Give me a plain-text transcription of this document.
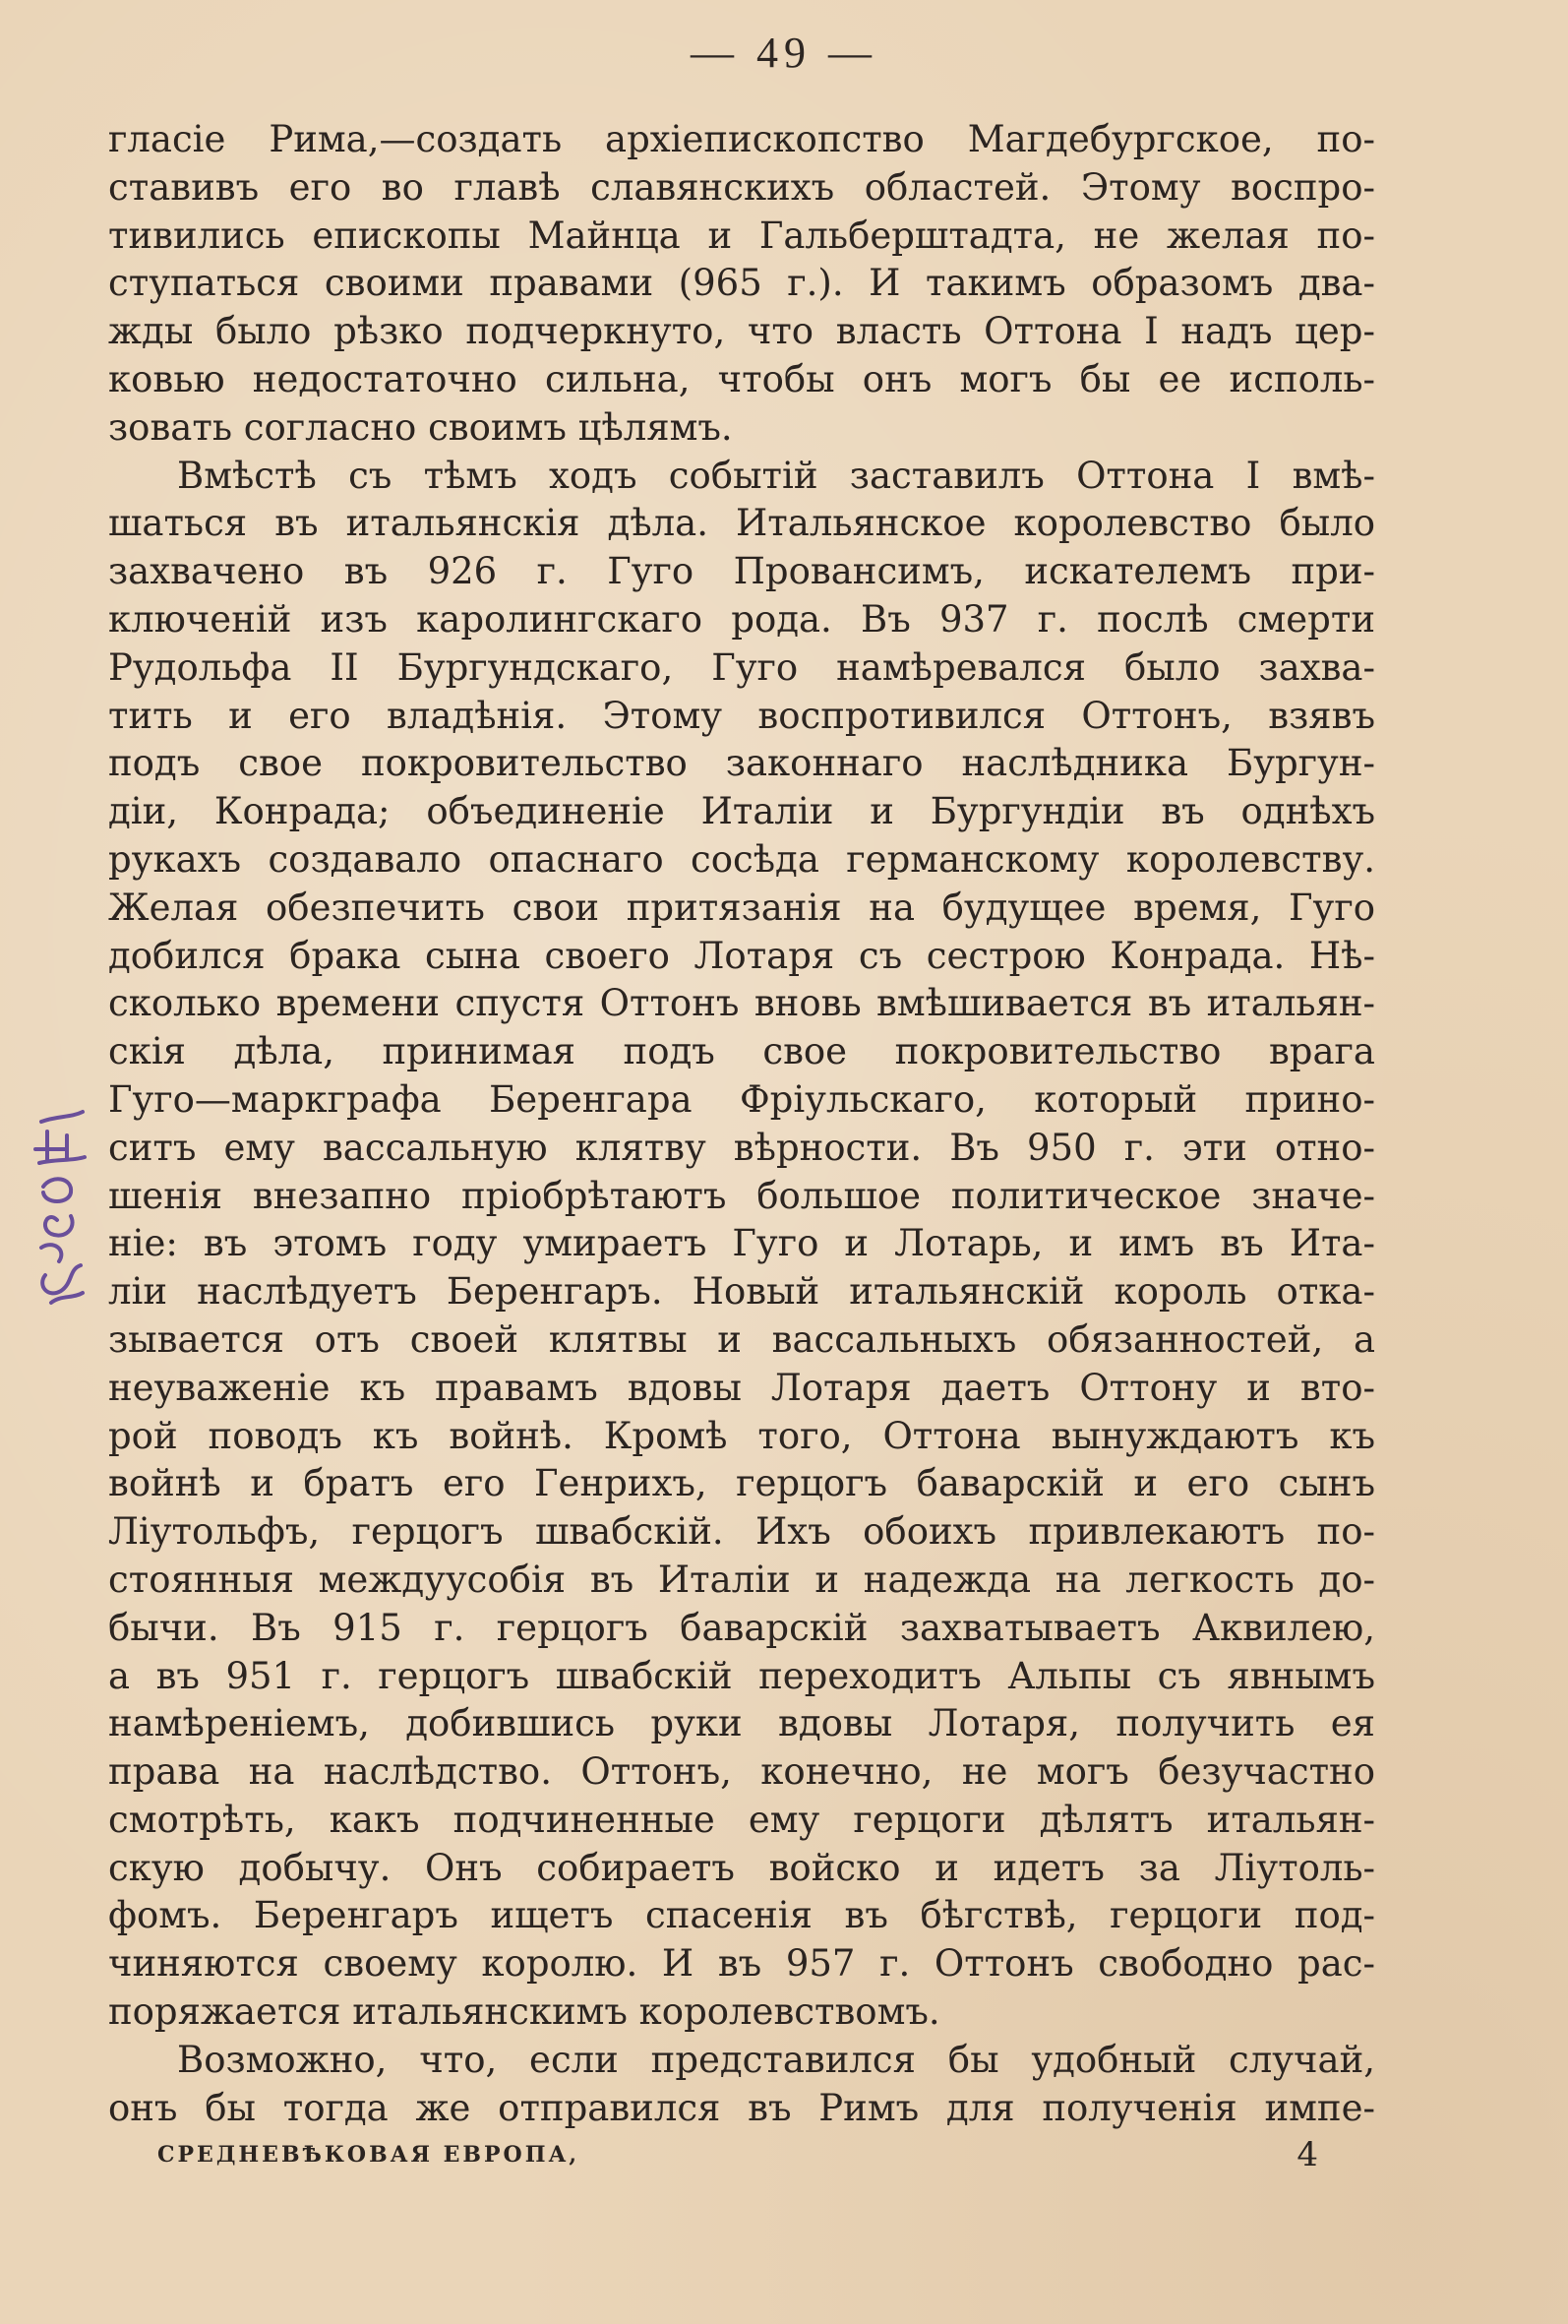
— 49 —
гласіе Рима,—создать архіепископство Магдебургское, по-
ставивъ его во главѣ славянскихъ областей. Этому воспро-
тивились епископы Майнца и Гальберштадта, не желая по-
ступаться своими правами (965 г.). И такимъ образомъ два-
жды было рѣзко подчеркнуто, что власть Оттона I надъ цер-
ковью недостаточно сильна, чтобы онъ могъ бы ее исполь-
зовать согласно своимъ цѣлямъ.
Вмѣстѣ съ тѣмъ ходъ событій заставилъ Оттона I вмѣ-
шаться въ итальянскія дѣла. Итальянское королевство было
захвачено въ 926 г. Гуго Провансимъ, искателемъ при-
ключеній изъ каролингскаго рода. Въ 937 г. послѣ смерти
Рудольфа II Бургундскаго, Гуго намѣревался было захва-
тить и его владѣнія. Этому воспротивился Оттонъ, взявъ
подъ свое покровительство законнаго наслѣдника Бургун-
діи, Конрада; объединеніе Италіи и Бургундіи въ однѣхъ
рукахъ создавало опаснаго сосѣда германскому королевству.
Желая обезпечить свои притязанія на будущее время, Гуго
добился брака сына своего Лотаря съ сестрою Конрада. Нѣ-
сколько времени спустя Оттонъ вновь вмѣшивается въ итальян-
скія дѣла, принимая подъ свое покровительство врага
Гуго—маркграфа Беренгара Фріульскаго, который прино-
ситъ ему вассальную клятву вѣрности. Въ 950 г. эти отно-
шенія внезапно пріобрѣтаютъ большое политическое значе-
ніе: въ этомъ году умираетъ Гуго и Лотарь, и имъ въ Ита-
ліи наслѣдуетъ Беренгаръ. Новый итальянскій король отка-
зывается отъ своей клятвы и вассальныхъ обязанностей, а
неуваженіе къ правамъ вдовы Лотаря даетъ Оттону и вто-
рой поводъ къ войнѣ. Кромѣ того, Оттона вынуждаютъ къ
войнѣ и братъ его Генрихъ, герцогъ баварскій и его сынъ
Ліутольфъ, герцогъ швабскій. Ихъ обоихъ привлекаютъ по-
стоянныя междуусобія въ Италіи и надежда на легкость до-
бычи. Въ 915 г. герцогъ баварскій захватываетъ Аквилею,
а въ 951 г. герцогъ швабскій переходитъ Альпы съ явнымъ
намѣреніемъ, добившись руки вдовы Лотаря, получить ея
права на наслѣдство. Оттонъ, конечно, не могъ безучастно
смотрѣть, какъ подчиненные ему герцоги дѣлятъ итальян-
скую добычу. Онъ собираетъ войско и идетъ за Ліутоль-
фомъ. Беренгаръ ищетъ спасенія въ бѣгствѣ, герцоги под-
чиняются своему королю. И въ 957 г. Оттонъ свободно рас-
поряжается итальянскимъ королевствомъ.
Возможно, что, если представился бы удобный случай,
онъ бы тогда же отправился въ Римъ для полученія импе-
СРЕДНЕВѢКОВАЯ ЕВРОПА,	4
